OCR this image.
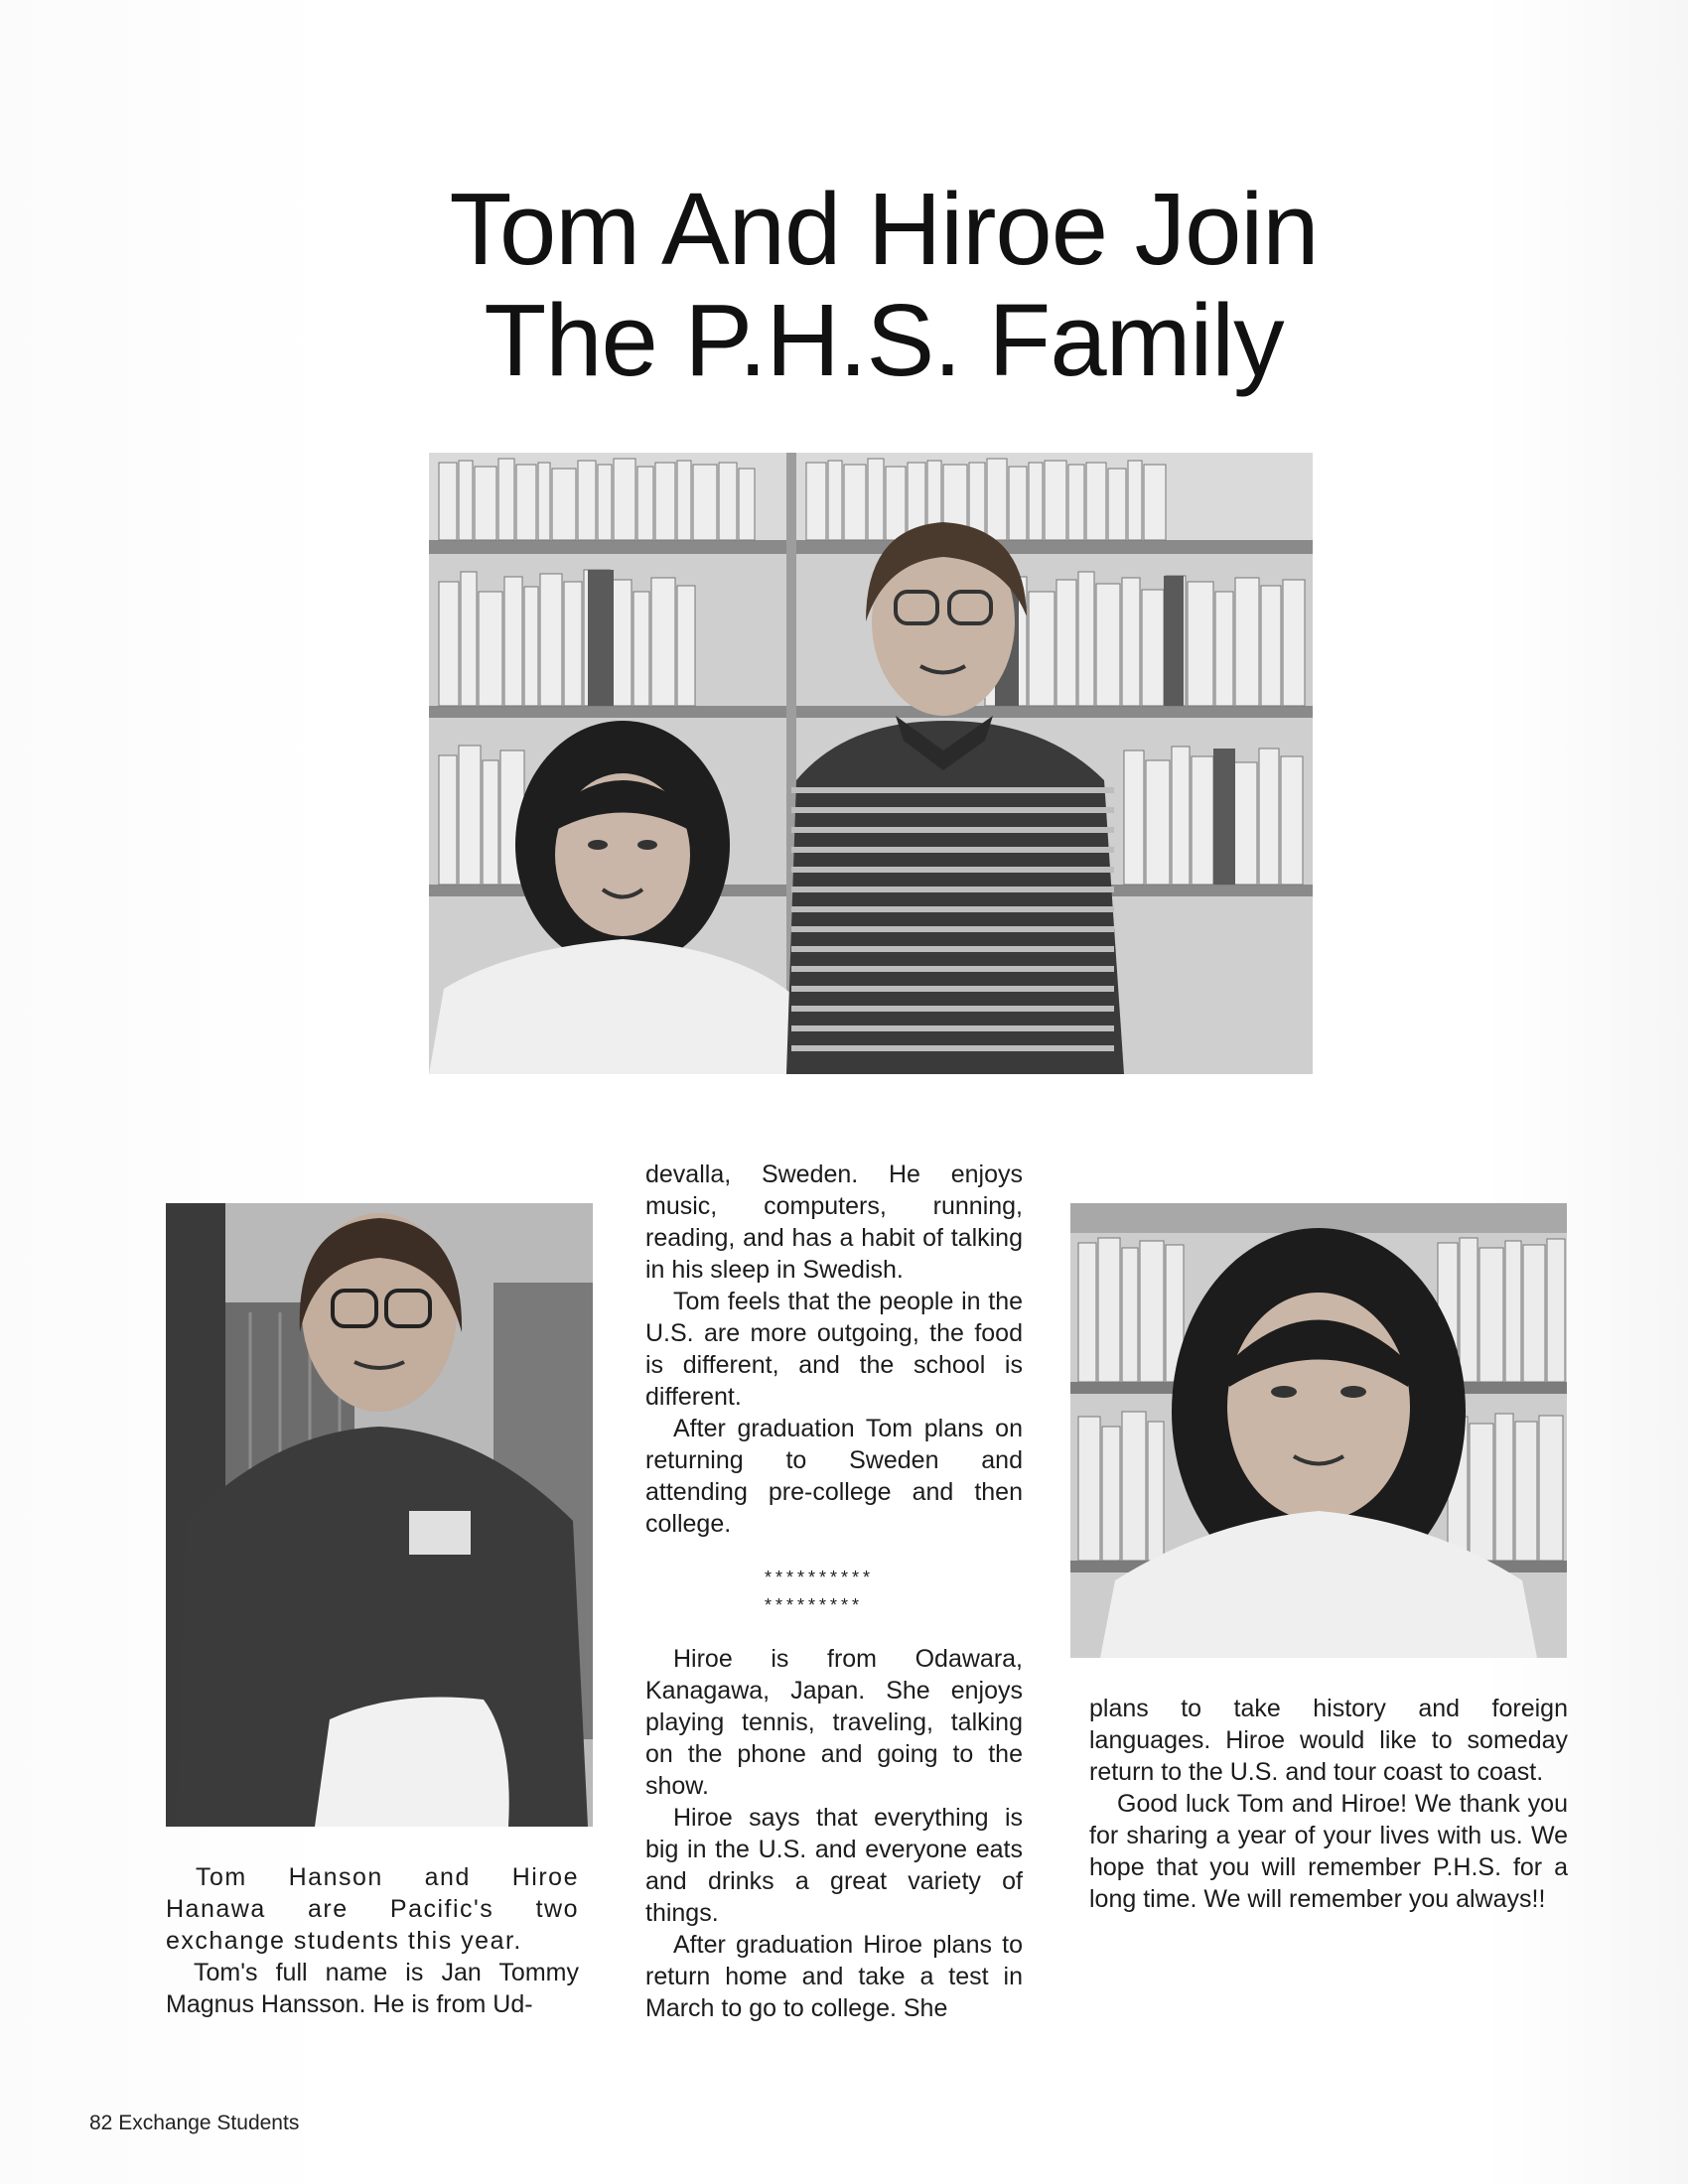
Tom And Hiroe Join
The P.H.S. Family

Tom Hanson and Hiroe Hanawa are Pacific's two exchange students this year.

Tom's full name is Jan Tommy Magnus Hansson. He is from Ud-

devalla, Sweden. He enjoys music, computers, running, reading, and has a habit of talking in his sleep in Swedish.

Tom feels that the people in the U.S. are more outgoing, the food is different, and the school is different.

After graduation Tom plans on returning to Sweden and attending pre-college and then college.

**********
*********

Hiroe is from Odawara, Kanagawa, Japan. She enjoys playing tennis, traveling, talking on the phone and going to the show.

Hiroe says that everything is big in the U.S. and everyone eats and drinks a great variety of things.

After graduation Hiroe plans to return home and take a test in March to go to college. She

plans to take history and foreign languages. Hiroe would like to someday return to the U.S. and tour coast to coast.

Good luck Tom and Hiroe! We thank you for sharing a year of your lives with us. We hope that you will remember P.H.S. for a long time. We will remember you always!!

82 Exchange Students
